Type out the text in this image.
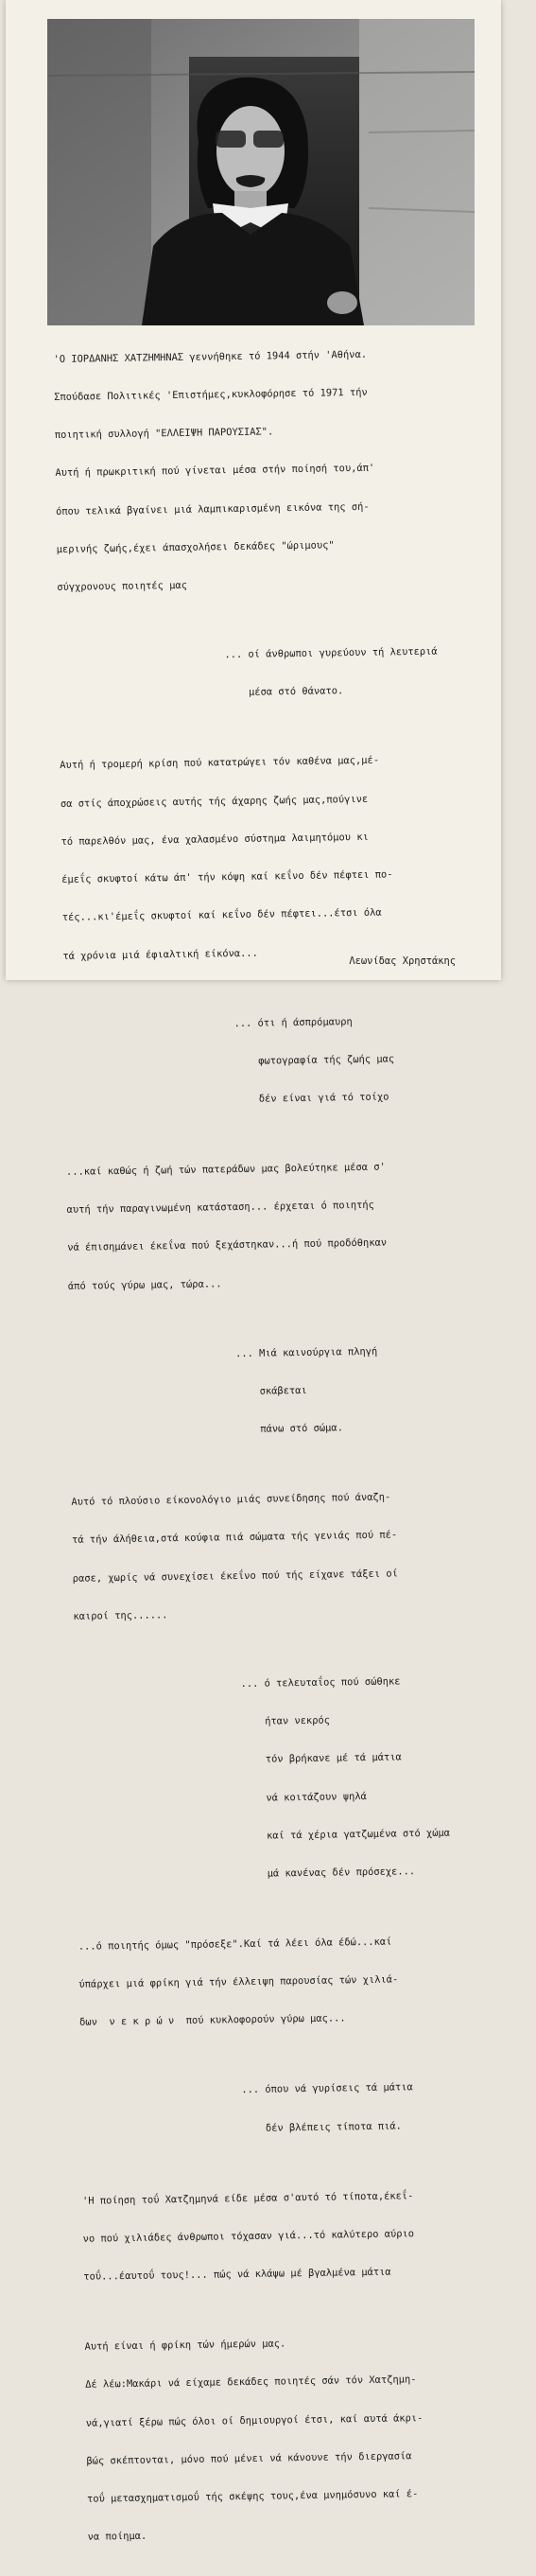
'Ο ΙΟΡΔΑΝΗΣ ΧΑΤΖΗΜΗΝΑΣ γεννήθηκε τό 1944 στήν 'Αθήνα.

Σπούδασε Πολιτικές 'Επιστήμες,κυκλοφόρησε τό 1971 τήν

ποιητική συλλογή "ΕΛΛΕΙΨΗ ΠΑΡΟΥΣΙΑΣ".

Αυτή ή πρωκριτική πού γίνεται μέσα στήν ποίησή του,άπ'

όπου τελικά βγαίνει μιά λαμπικαρισμένη εικόνα της σή-

μερινής ζωής,έχει άπασχολήσει δεκάδες "ώριμους"

σύγχρονους ποιητές μας

... οί άνθρωποι γυρεύουν τή λευτεριά

μέσα στό θάνατο.

Αυτή ή τρομερή κρίση πού κατατρώγει τόν καθένα μας,μέ-

σα στίς άποχρώσεις αυτής τής άχαρης ζωής μας,πούγινε

τό παρελθόν μας, ένα χαλασμένο σύστημα λαιμητόμου κι

έμεΐς σκυφτοί κάτω άπ' τήν κόψη καί κεΐνο δέν πέφτει πο-

τές...κι'έμεΐς σκυφτοί καί κεΐνο δέν πέφτει...έτσι όλα

τά χρόνια μιά έφιαλτική είκόνα...

... ότι ή άσπρόμαυρη

φωτογραφία τής ζωής μας

δέν είναι γιά τό τοίχο

...καί καθώς ή ζωή τών πατεράδων μας βολεύτηκε μέσα σ'

αυτή τήν παραγινωμένη κατάσταση... έρχεται ό ποιητής

νά έπισημάνει έκεΐνα πού ξεχάστηκαν...ή πού προδόθηκαν

άπό τούς γύρω μας, τώρα...

... Μιά καινούργια πληγή

σκάβεται

πάνω στό σώμα.

Αυτό τό πλούσιο είκονολόγιο μιάς συνείδησης πού άναζη-

τά τήν άλήθεια,στά κούφια πιά σώματα τής γενιάς πού πέ-

ρασε, χωρίς νά συνεχίσει έκεΐνο πού τής είχανε τάξει οί

καιροί της......

... ό τελευταΐος πού σώθηκε

ήταν νεκρός

τόν βρήκανε μέ τά μάτια

νά κοιτάζουν ψηλά

καί τά χέρια γατζωμένα στό χώμα

μά κανένας δέν πρόσεχε...

...ό ποιητής όμως "πρόσεξε".Καί τά λέει όλα έδώ...καί

ύπάρχει μιά φρίκη γιά τήν έλλειψη παρουσίας τών χιλιά-

δων  ν ε κ ρ ώ ν  πού κυκλοφορούν γύρω μας...

... όπου νά γυρίσεις τά μάτια

δέν βλέπεις τίποτα πιά.

'Η ποίηση τοΰ Χατζημηνά είδε μέσα σ'αυτό τό τίποτα,έκεΐ-

νο πού χιλιάδες άνθρωποι τόχασαν γιά...τό καλύτερο αύριο

τοΰ...έαυτοΰ τους!... πώς νά κλάψω μέ βγαλμένα μάτια

Αυτή είναι ή φρίκη τών ήμερών μας.

Δέ λέω:Μακάρι νά είχαμε δεκάδες ποιητές σάν τόν Χατζημη-

νά,γιατί ξέρω πώς όλοι οί δημιουργοί έτσι, καί αυτά άκρι-

βώς σκέπτονται, μόνο πού μένει νά κάνουνε τήν διεργασία

τοΰ μετασχηματισμοΰ τής σκέψης τους,ένα μνημόσυνο καί έ-

να ποίημα.

Λεωνίδας Χρηστάκης
